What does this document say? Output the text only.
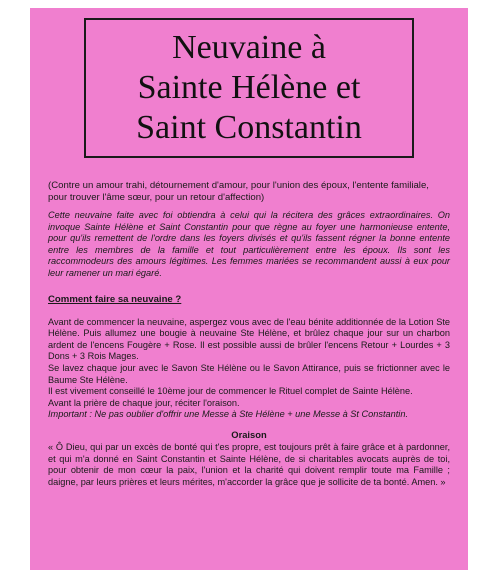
Neuvaine à
Sainte Hélène et
Saint Constantin
(Contre un amour trahi, détournement d'amour, pour l'union des époux, l'entente familiale, pour trouver l'âme sœur, pour un retour d'affection)
Cette neuvaine faite avec foi obtiendra à celui qui la récitera des grâces extraordinaires. On invoque Sainte Hélène et Saint Constantin pour que règne au foyer une harmonieuse entente, pour qu'ils remettent de l'ordre dans les foyers divisés et qu'ils fassent régner la bonne entente entre les membres de la famille et tout particulièrement entre les époux. Ils sont les raccommodeurs des amours légitimes. Les femmes mariées se recommandent aussi à eux pour leur ramener un mari égaré.
Comment faire sa neuvaine ?
Avant de commencer la neuvaine, aspergez vous avec de l'eau bénite additionnée de la Lotion Ste Hélène. Puis allumez une bougie à neuvaine Ste Hélène, et brûlez chaque jour sur un charbon ardent de l'encens Fougère + Rose. Il est possible aussi de brûler l'encens Retour + Lourdes + 3 Dons + 3 Rois Mages.
Se lavez chaque jour avec le Savon Ste Hélène ou le Savon Attirance, puis se frictionner avec le Baume Ste Hélène.
Il est vivement conseillé le 10ème jour de commencer le Rituel complet de Sainte Hélène.
Avant la prière de chaque jour, réciter l'oraison.
Important : Ne pas oublier d'offrir une Messe à Ste Hélène + une Messe à St Constantin.
Oraison
« Ô Dieu, qui par un excès de bonté qui t'es propre, est toujours prêt à faire grâce et à pardonner, et qui m'a donné en Saint Constantin et Sainte Hélène, de si charitables avocats auprès de toi, pour obtenir de mon cœur la paix, l'union et la charité qui doivent remplir toute ma Famille ; daigne, par leurs prières et leurs mérites, m'accorder la grâce que je sollicite de ta bonté. Amen. »
